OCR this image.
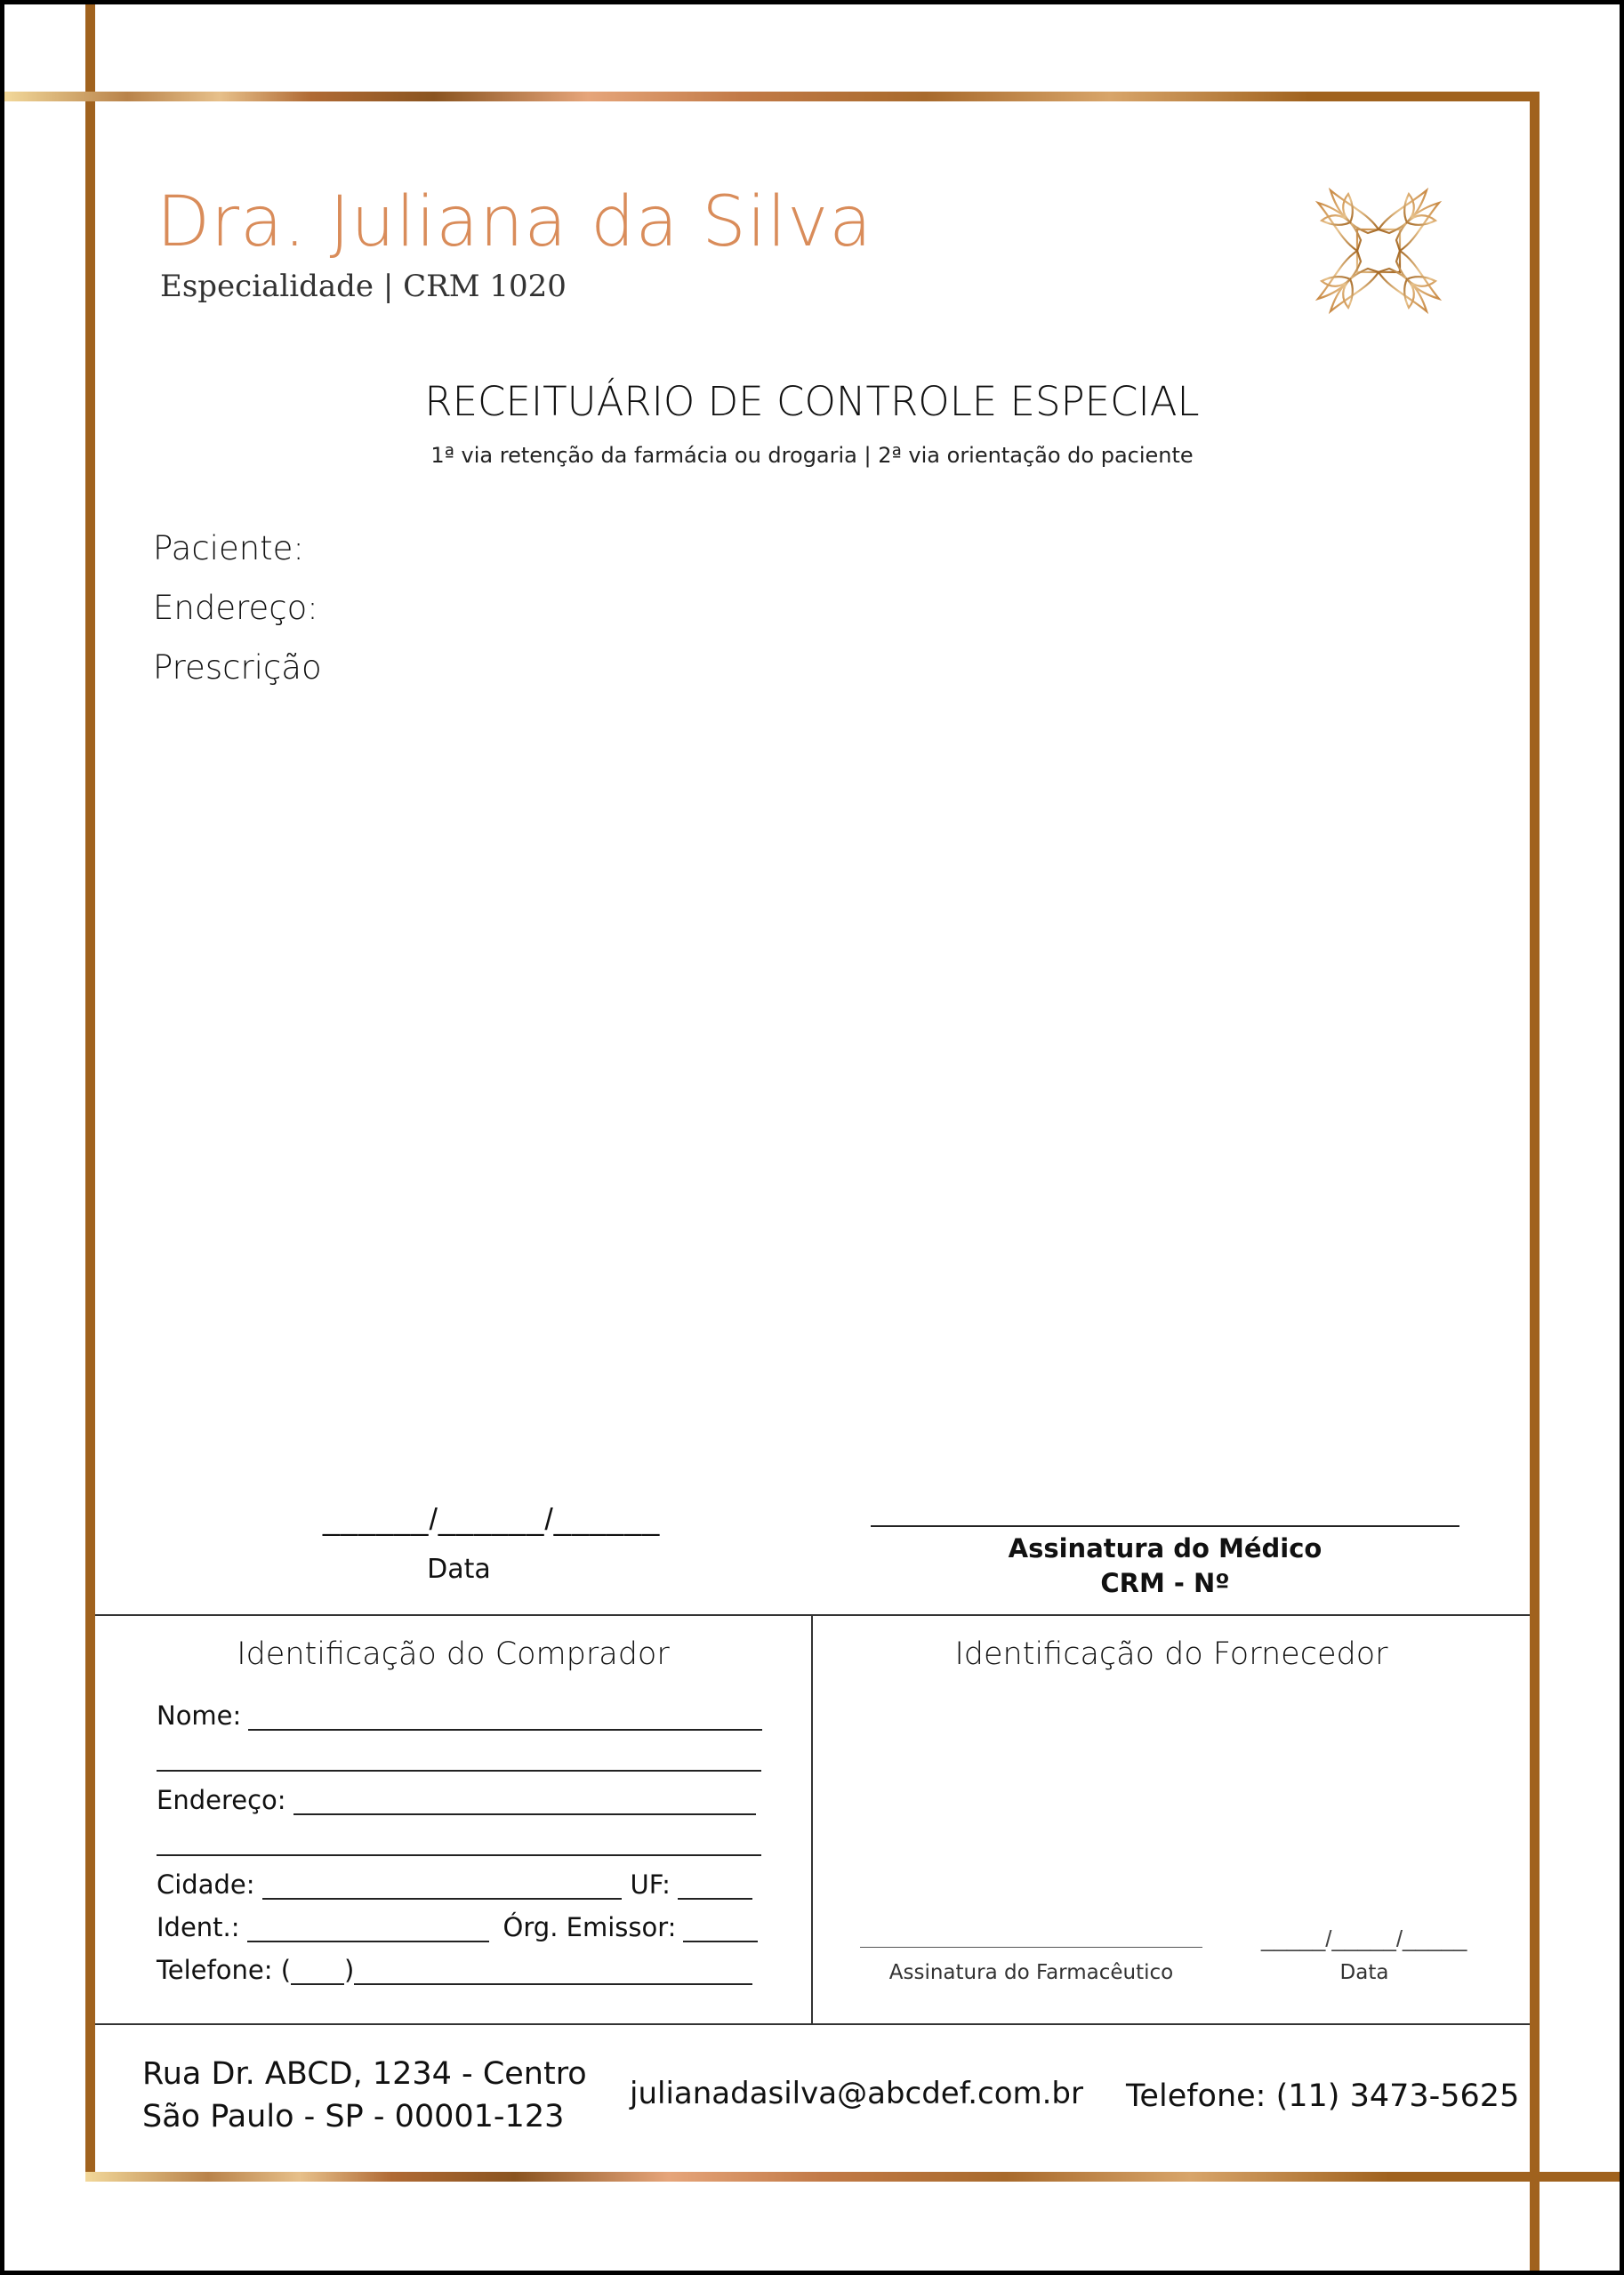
Dra. Juliana da Silva
Especialidade | CRM 1020
RECEITUÁRIO DE CONTROLE ESPECIAL
1ª via retenção da farmácia ou drogaria | 2ª via orientação do paciente
Paciente:
Endereço:
Prescrição
______/______/______
Data
Assinatura do Médico
CRM - Nº
Identificação do Comprador
Nome:
Endereço:
Cidade:	UF:
Ident.:	Órg. Emissor:
Telefone: ( )
Identificação do Fornecedor
Assinatura do Farmacêutico
_____/_____/_____
Data
Rua Dr. ABCD, 1234 - Centro
São Paulo - SP - 00001-123
julianadasilva@abcdef.com.br Telefone: (11) 3473-5625
